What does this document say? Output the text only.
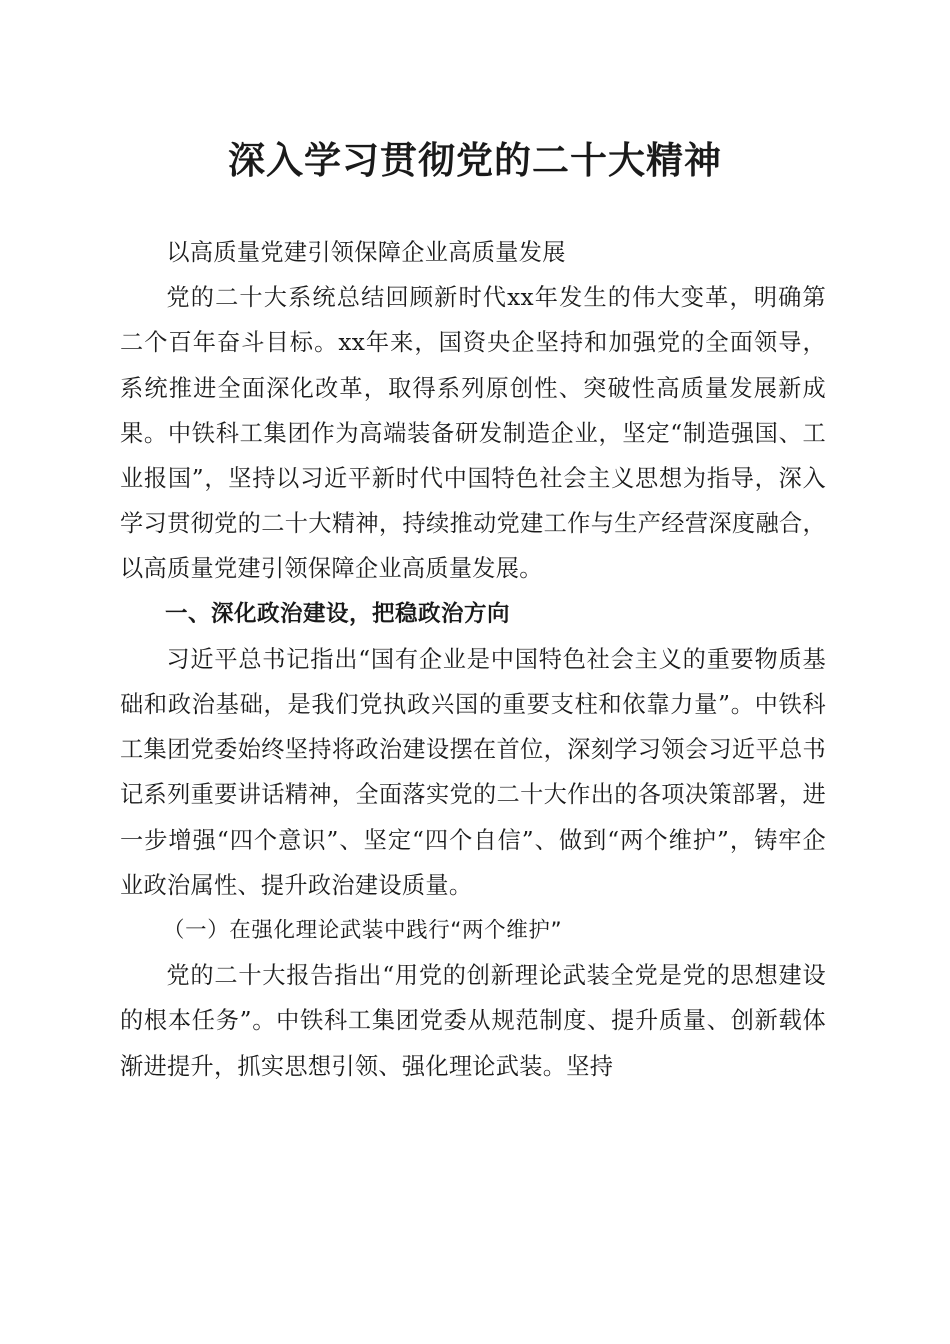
深入学习贯彻党的二十大精神

以高质量党建引领保障企业高质量发展

党的二十大系统总结回顾新时代xx年发生的伟大变革，明确第二个百年奋斗目标。xx年来，国资央企坚持和加强党的全面领导，系统推进全面深化改革，取得系列原创性、突破性高质量发展新成果。中铁科工集团作为高端装备研发制造企业，坚定“制造强国、工业报国”，坚持以习近平新时代中国特色社会主义思想为指导，深入学习贯彻党的二十大精神，持续推动党建工作与生产经营深度融合，以高质量党建引领保障企业高质量发展。

一、深化政治建设，把稳政治方向

习近平总书记指出“国有企业是中国特色社会主义的重要物质基础和政治基础，是我们党执政兴国的重要支柱和依靠力量”。中铁科工集团党委始终坚持将政治建设摆在首位，深刻学习领会习近平总书记系列重要讲话精神，全面落实党的二十大作出的各项决策部署，进一步增强“四个意识”、坚定“四个自信”、做到“两个维护”，铸牢企业政治属性、提升政治建设质量。

（一）在强化理论武装中践行“两个维护”

党的二十大报告指出“用党的创新理论武装全党是党的思想建设的根本任务”。中铁科工集团党委从规范制度、提升质量、创新载体渐进提升，抓实思想引领、强化理论武装。坚持
